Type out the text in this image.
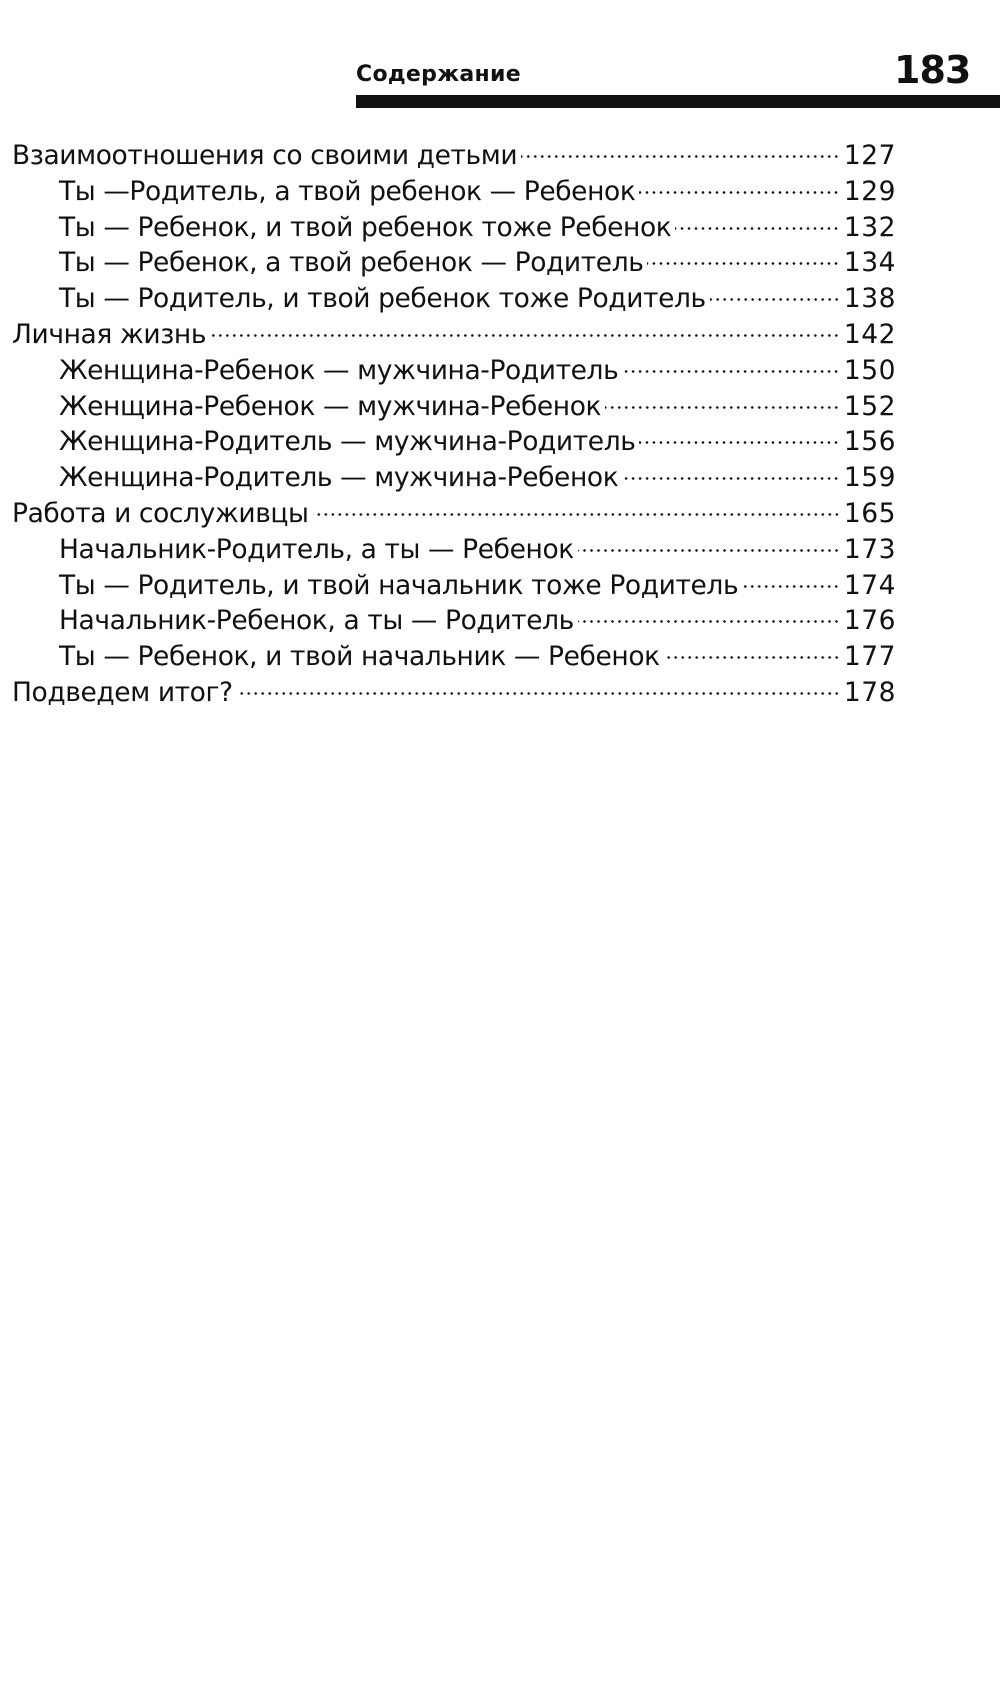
Содержание	183
Взаимоотношения со своими детьми	127
Ты —Родитель, а твой ребенок — Ребенок	129
Ты — Ребенок, и твой ребенок тоже Ребенок	132
Ты — Ребенок, а твой ребенок — Родитель	134
Ты — Родитель, и твой ребенок тоже Родитель	138
Личная жизнь	142
Женщина-Ребенок — мужчина-Родитель	150
Женщина-Ребенок — мужчина-Ребенок	152
Женщина-Родитель — мужчина-Родитель	156
Женщина-Родитель — мужчина-Ребенок	159
Работа и сослуживцы	165
Начальник-Родитель, а ты — Ребенок	173
Ты — Родитель, и твой начальник тоже Родитель	174
Начальник-Ребенок, а ты — Родитель	176
Ты — Ребенок, и твой начальник — Ребенок	177
Подведем итог?	178
